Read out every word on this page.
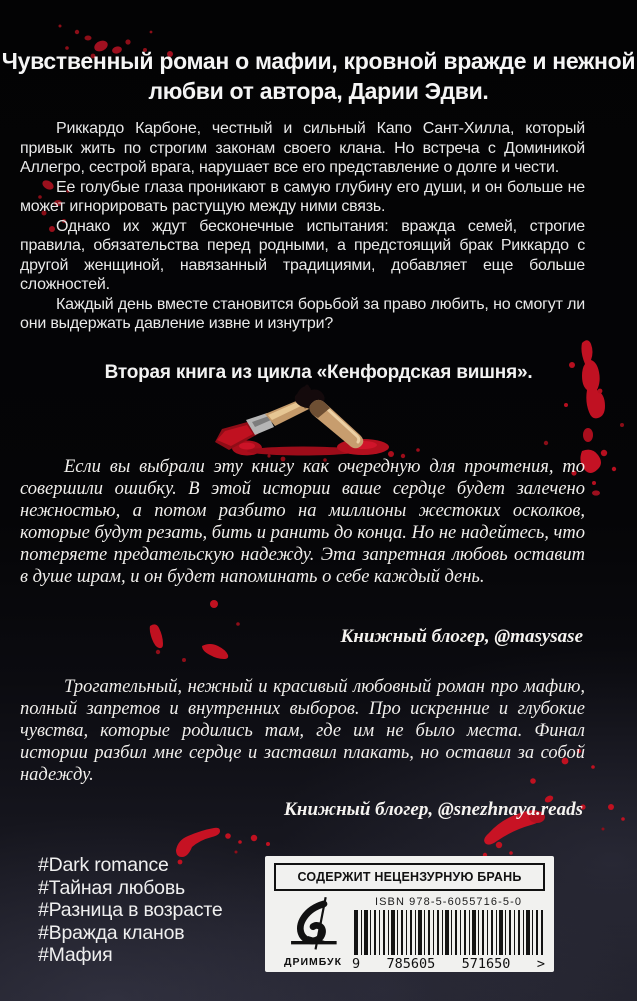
Чувственный роман о мафии, кровной вражде и нежной любви от автора, Дарии Эдви.

Риккардо Карбоне, честный и сильный Капо Сант-Хилла, который привык жить по строгим законам своего клана. Но встреча с Доминикой Аллегро, сестрой врага, нарушает все его представление о долге и чести.

Ее голубые глаза проникают в самую глубину его души, и он больше не может игнорировать растущую между ними связь.

Однако их ждут бесконечные испытания: вражда семей, строгие правила, обязательства перед родными, а предстоящий брак Риккардо с другой женщиной, навязанный традициями, добавляет еще больше сложностей.

Каждый день вместе становится борьбой за право любить, но смогут ли они выдержать давление извне и изнутри?

Вторая книга из цикла «Кенфордская вишня».
Если вы выбрали эту книгу как очередную для прочтения, то совершили ошибку. В этой истории ваше сердце будет залечено нежностью, а потом разбито на миллионы жестоких осколков, которые будут резать, бить и ранить до конца. Но не надейтесь, что потеряете предательскую надежду. Эта запретная любовь оставит в душе шрам, и он будет напоминать о себе каждый день.
Книжный блогер, @masysase
Трогательный, нежный и красивый любовный роман про мафию, полный запретов и внутренних выборов. Про искренние и глубокие чувства, которые родились там, где им не было места. Финал истории разбил мне сердце и заставил плакать, но оставил за собой надежду.
Книжный блогер, @snezhnaya.reads
#Dark romance
#Тайная любовь
#Разница в возрасте
#Вражда кланов
#Мафия
СОДЕРЖИТ НЕЦЕНЗУРНУЮ БРАНЬ
ДРИМБУК
ISBN 978-5-6055716-5-0
9 785605 571650 >
